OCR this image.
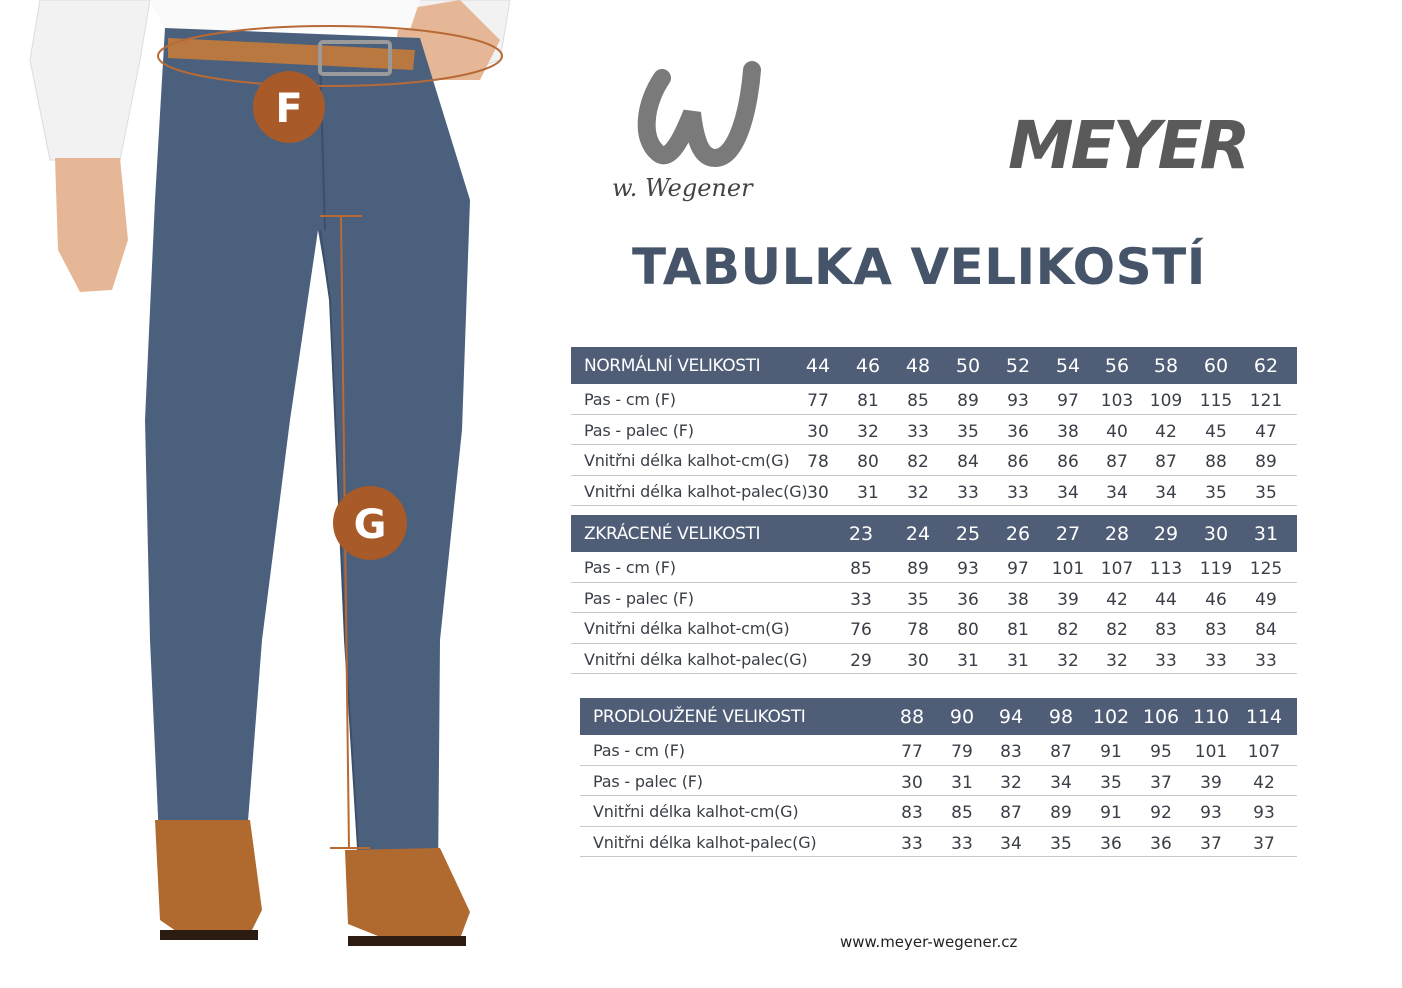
F
G
w. Wegener
MEYER
TABULKA VELIKOSTÍ
NORMÁLNÍ VELIKOSTI 44 46 48 50 52 54 56 58 60 62
Pas - cm (F)	77 81 85 89 93 97 103 109 115 121
Pas - palec (F)	30 32 33 35 36 38 40 42 45 47
Vnitřni délka kalhot-cm(G) 78 80 82 84 86 86 87 87 88 89
Vnitřni délka kalhot-palec(G) 30 31 32 33 33 34 34 34 35 35
ZKRÁCENÉ VELIKOSTI	23 24 25 26 27 28 29 30 31
Pas - cm (F)	85 89 93 97 101 107 113 119 125
Pas - palec (F)	33 35 36 38 39 42 44 46 49
Vnitřni délka kalhot-cm(G)	76 78 80 81 82 82 83 83 84
Vnitřni délka kalhot-palec(G)	29 30 31 31 32 32 33 33 33
PRODLOUŽENÉ VELIKOSTI	88 90 94 98 102 106 110 114
Pas - cm (F)	77 79 83 87 91 95 101 107
Pas - palec (F)	30 31 32 34 35 37 39 42
Vnitřni délka kalhot-cm(G)	83 85 87 89 91 92 93 93
Vnitřni délka kalhot-palec(G)	33 33 34 35 36 36 37 37
www.meyer-wegener.cz
